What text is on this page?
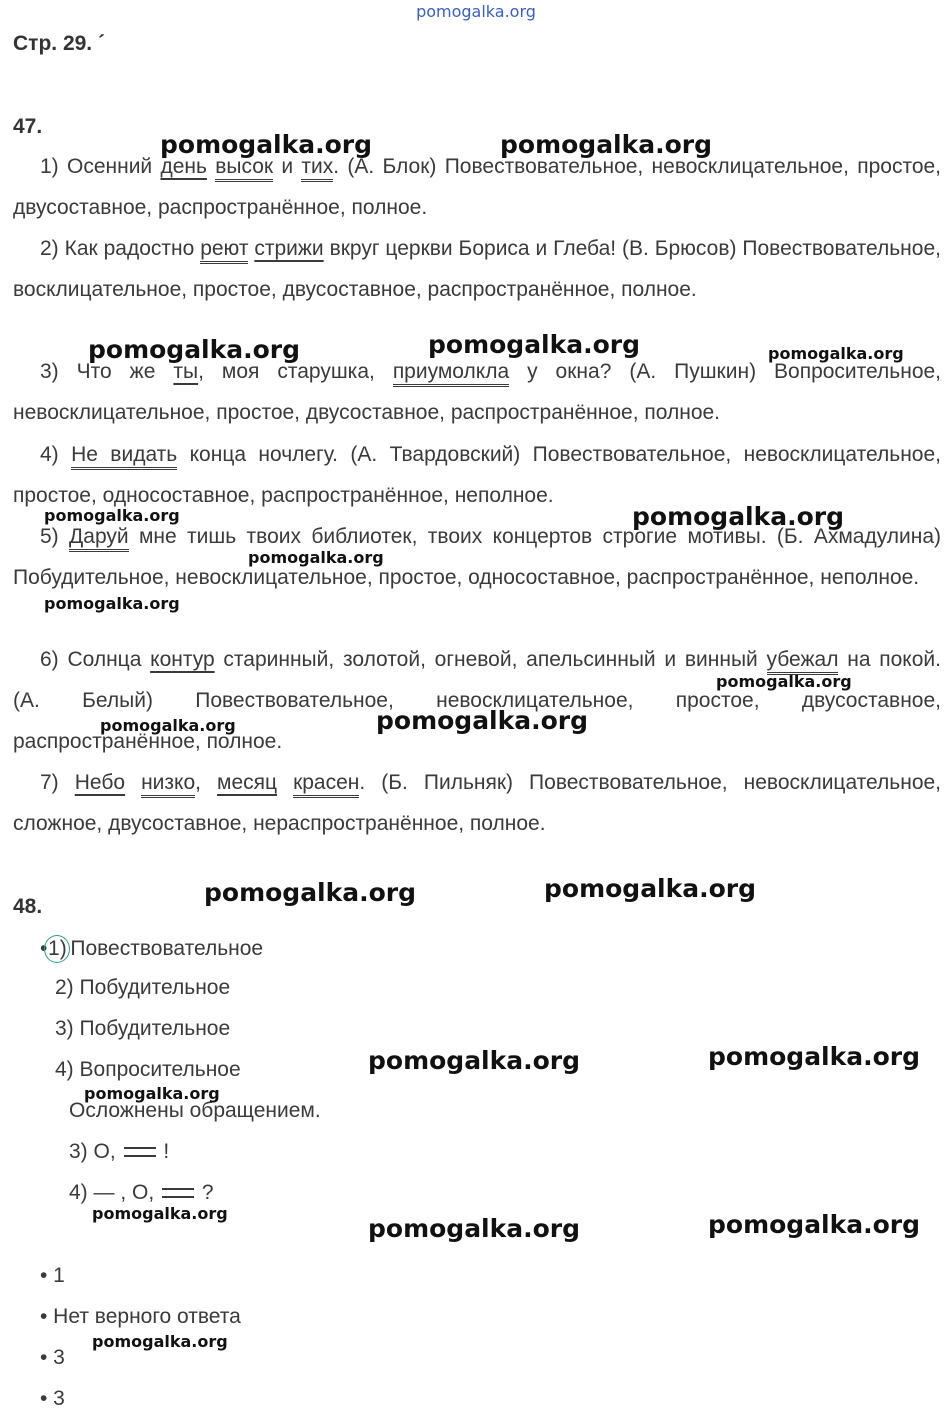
pomogalka.org
Стр. 29. ´
47.
1) Осенний день высок и тих. (А. Блок) Повествовательное, невосклицательное, простое, двусоставное, распространённое, полное.
2) Как радостно реют стрижи вкруг церкви Бориса и Глеба! (В. Брюсов) Повествовательное, восклицательное, простое, двусоставное, распространённое, полное.
3) Что же ты, моя старушка, приумолкла у окна? (А. Пушкин) Вопросительное, невосклицательное, простое, двусоставное, распространённое, полное.
4) Не видать конца ночлегу. (А. Твардовский) Повествовательное, невосклицательное, простое, односоставное, распространённое, неполное.
5) Даруй мне тишь твоих библиотек, твоих концертов строгие мотивы. (Б. Ахмадулина) Побудительное, невосклицательное, простое, односоставное, распространённое, неполное.
6) Солнца контур старинный, золотой, огневой, апельсинный и винный убежал на покой. (А. Белый) Повествовательное, невосклицательное, простое, двусоставное, распространённое, полное.
7) Небо низко, месяц красен. (Б. Пильняк) Повествовательное, невосклицательное, сложное, двусоставное, нераспространённое, полное.
48.
•1) Повествовательное
2) Побудительное
3) Побудительное
4) Вопросительное
Осложнены обращением.
3) О, !
4) — , О, ?
• 1
• Нет верного ответа
• 3
• 3
pomogalka.org	pomogalka.org
pomogalka.org	pomogalka.org	pomogalka.org
pomogalka.org	pomogalka.org
pomogalka.org
pomogalka.org
pomogalka.org
pomogalka.org	pomogalka.org
pomogalka.org	pomogalka.org
pomogalka.org	pomogalka.org
pomogalka.org
pomogalka.org
pomogalka.org	pomogalka.org
pomogalka.org
